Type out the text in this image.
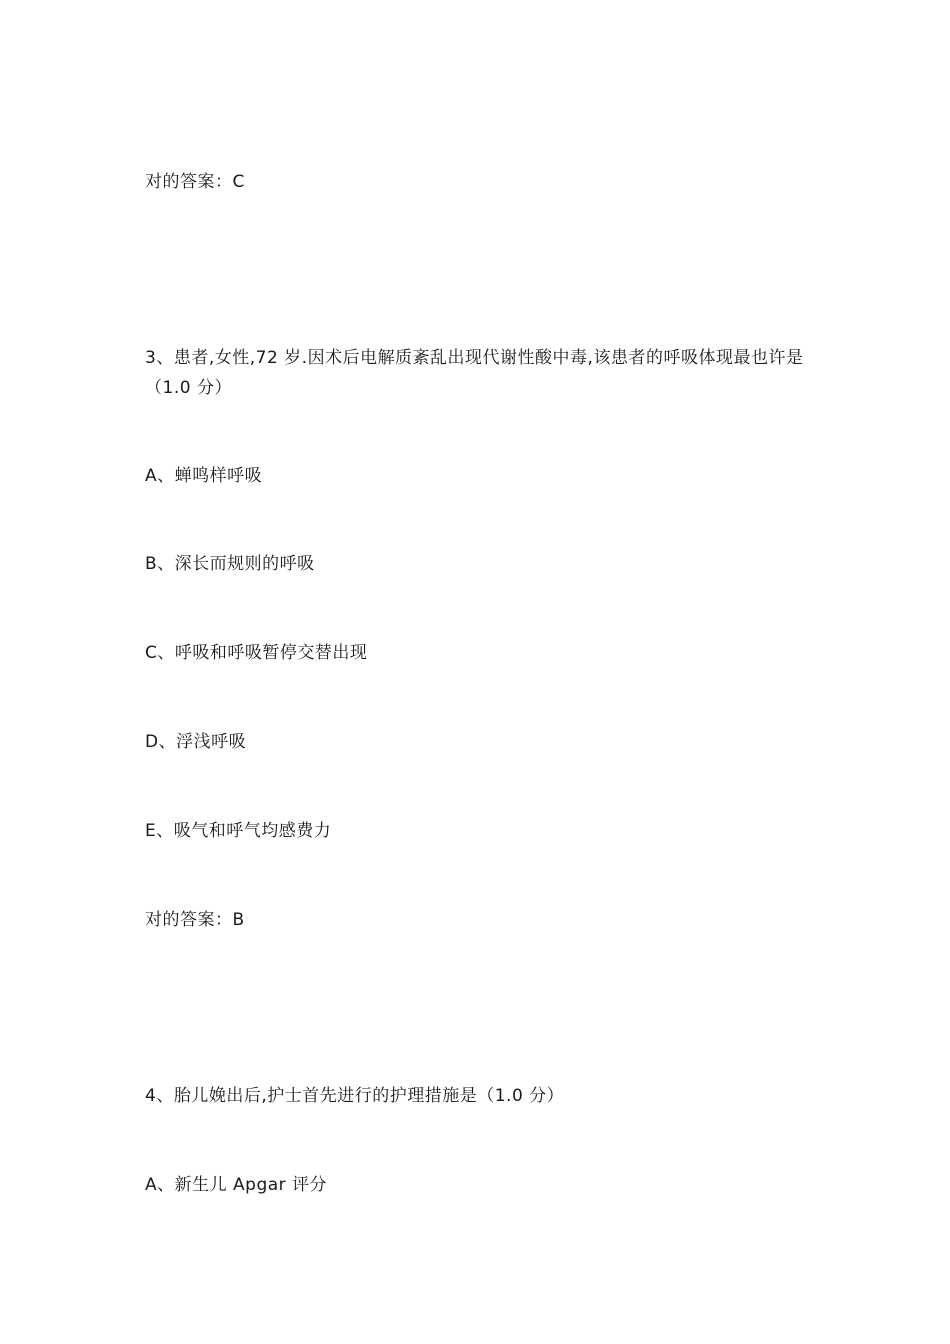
对的答案：C
3、患者,女性,72 岁.因术后电解质紊乱出现代谢性酸中毒,该患者的呼吸体现最也许是（1.0 分）
A、蝉鸣样呼吸
B、深长而规则的呼吸
C、呼吸和呼吸暂停交替出现
D、浮浅呼吸
E、吸气和呼气均感费力
对的答案：B
4、胎儿娩出后,护士首先进行的护理措施是（1.0 分）
A、新生儿 Apgar 评分
